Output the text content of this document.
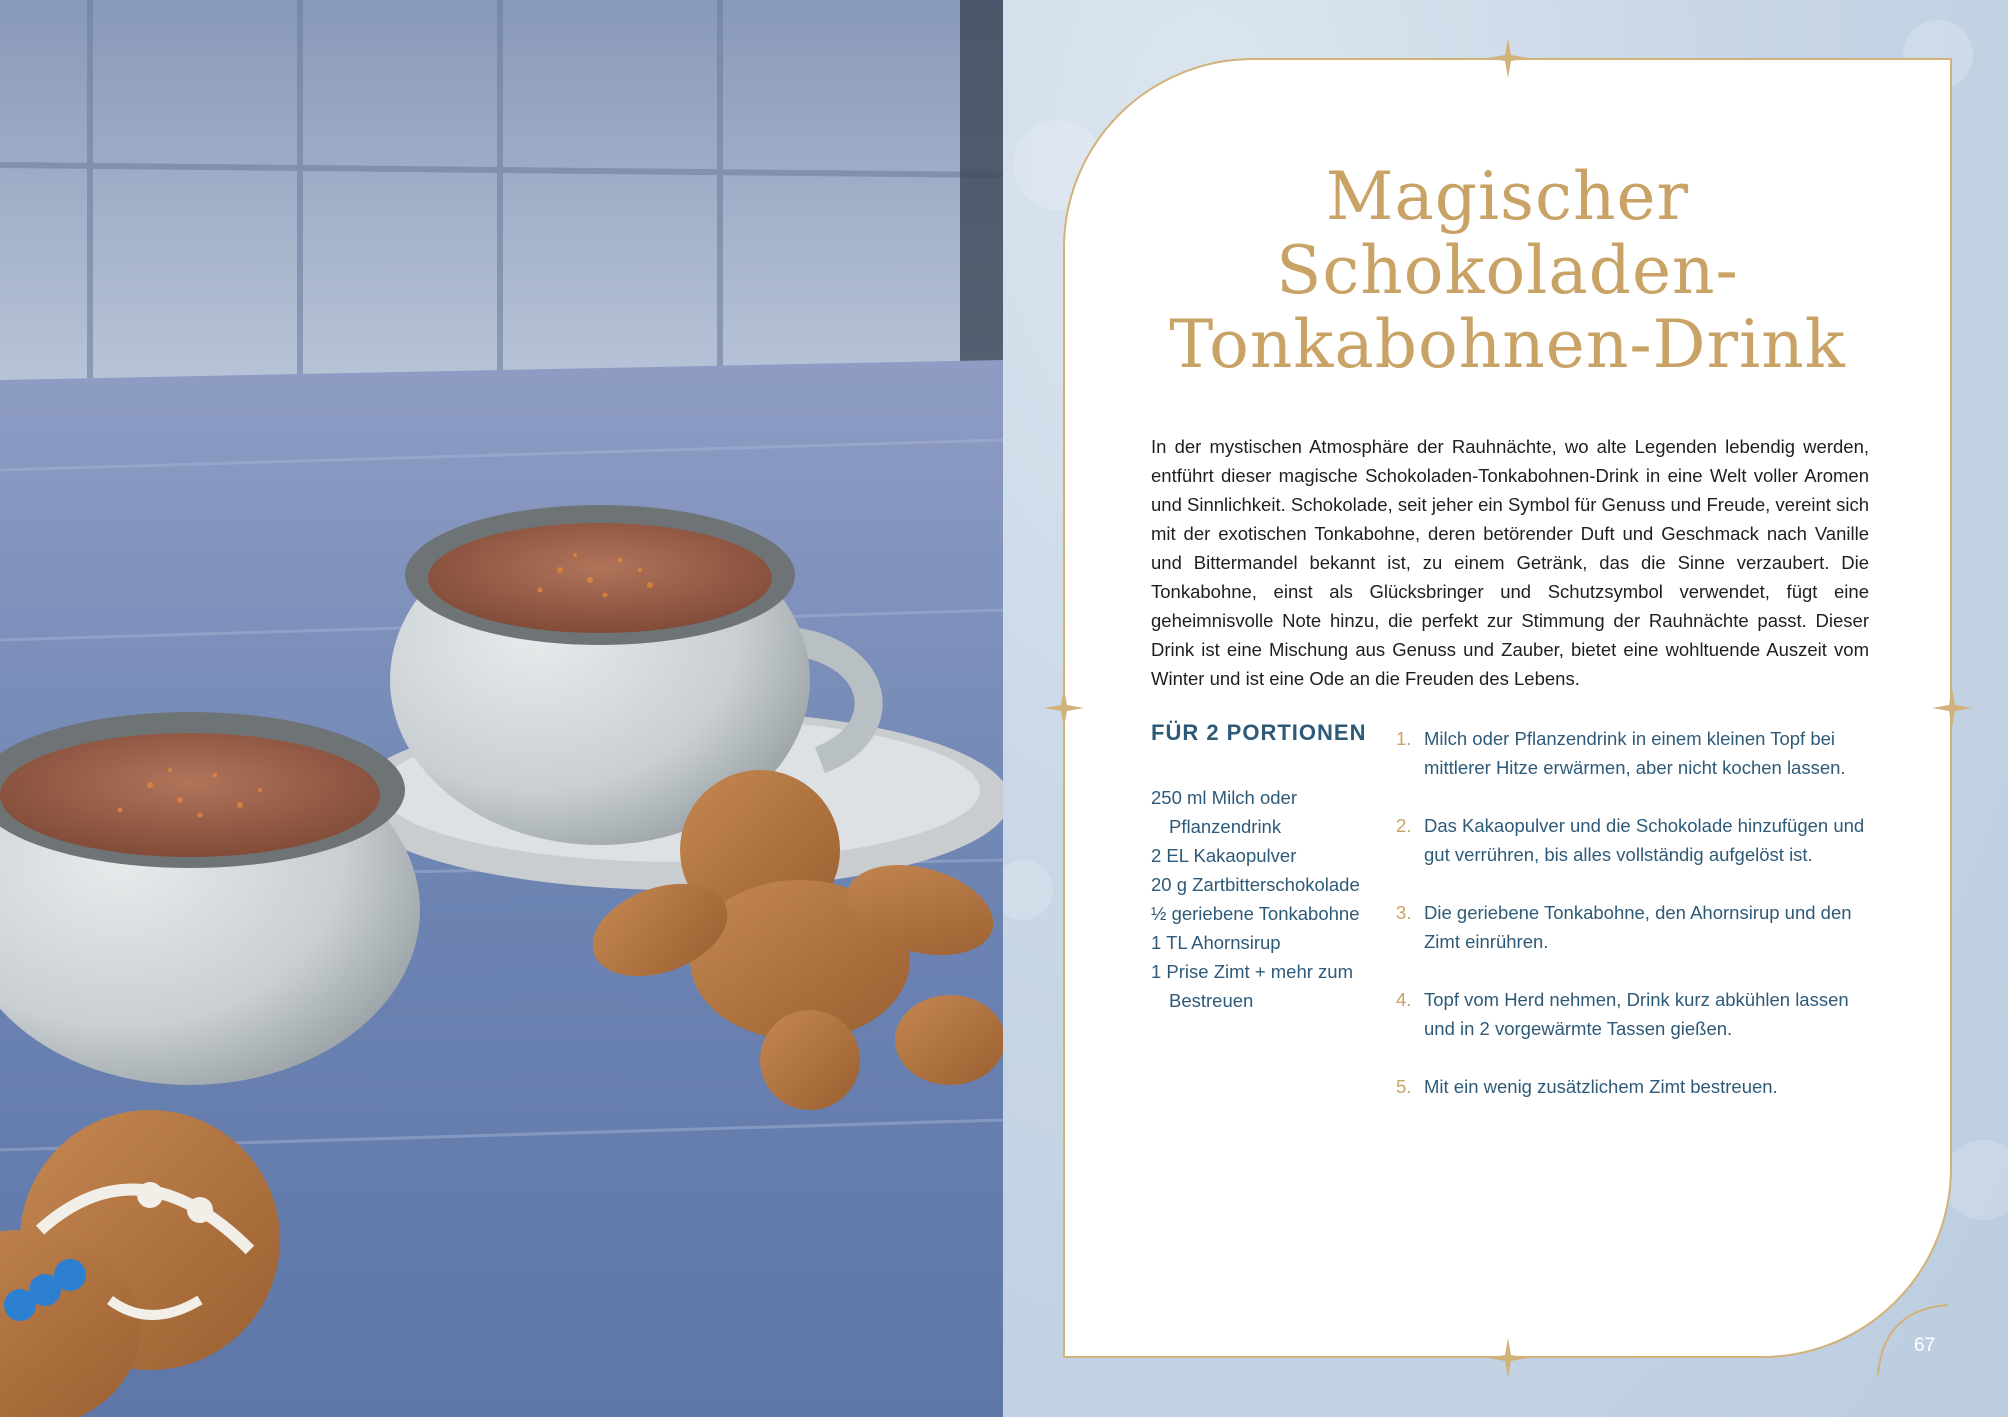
Magischer
Schokoladen-
Tonkabohnen-Drink

In der mystischen Atmosphäre der Rauhnächte, wo alte Legenden lebendig werden, entführt dieser magische Schokoladen-Tonkabohnen-Drink in eine Welt voller Aromen und Sinnlichkeit. Schokolade, seit jeher ein Symbol für Genuss und Freude, vereint sich mit der exotischen Tonkabohne, deren betörender Duft und Geschmack nach Vanille und Bittermandel bekannt ist, zu einem Getränk, das die Sinne verzaubert. Die Tonkabohne, einst als Glücksbringer und Schutzsymbol verwendet, fügt eine geheimnisvolle Note hinzu, die perfekt zur Stimmung der Rauhnächte passt. Dieser Drink ist eine Mischung aus Genuss und Zauber, bietet eine wohltuende Auszeit vom Winter und ist eine Ode an die Freuden des Lebens.

FÜR 2 PORTIONEN
250 ml Milch oder Pflanzendrink
2 EL Kakaopulver
20 g Zartbitterschokolade
½ geriebene Tonkabohne
1 TL Ahornsirup
1 Prise Zimt + mehr zum Bestreuen
1. Milch oder Pflanzendrink in einem kleinen Topf bei mittlerer Hitze erwärmen, aber nicht kochen lassen.
2. Das Kakaopulver und die Schokolade hinzufügen und gut verrühren, bis alles vollständig aufgelöst ist.
3. Die geriebene Tonkabohne, den Ahornsirup und den Zimt einrühren.
4. Topf vom Herd nehmen, Drink kurz abkühlen lassen und in 2 vorgewärmte Tassen gießen.
5. Mit ein wenig zusätzlichem Zimt bestreuen.
67
